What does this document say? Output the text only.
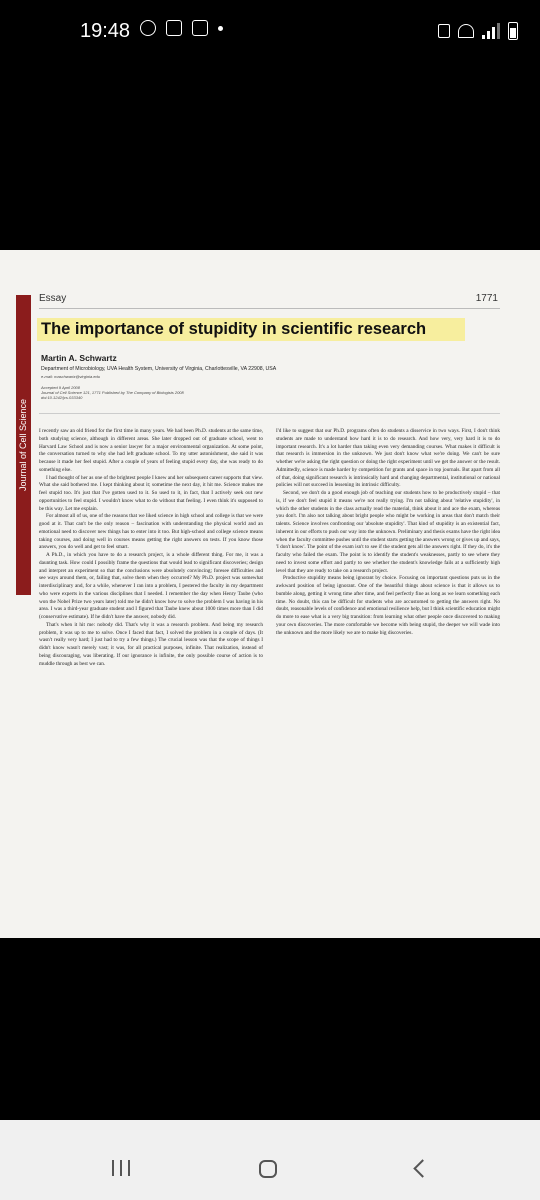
19:48
Journal of Cell Science
Essay	1771
The importance of stupidity in scientific research
Martin A. Schwartz
Department of Microbiology, UVA Health System, University of Virginia, Charlottesville, VA 22908, USA
e-mail: maschwartz@virginia.edu
Accepted 9 April 2008
Journal of Cell Science 121, 1771 Published by The Company of Biologists 2008
doi:10.1242/jcs.033340

I recently saw an old friend for the first time in many years. We had been Ph.D. students at the same time, both studying science, although in different areas. She later dropped out of graduate school, went to Harvard Law School and is now a senior lawyer for a major environmental organization. At some point, the conversation turned to why she had left graduate school. To my utter astonishment, she said it was because it made her feel stupid. After a couple of years of feeling stupid every day, she was ready to do something else.

I had thought of her as one of the brightest people I knew and her subsequent career supports that view. What she said bothered me. I kept thinking about it; sometime the next day, it hit me. Science makes me feel stupid too. It's just that I've gotten used to it. So used to it, in fact, that I actively seek out new opportunities to feel stupid. I wouldn't know what to do without that feeling. I even think it's supposed to be this way. Let me explain.

For almost all of us, one of the reasons that we liked science in high school and college is that we were good at it. That can't be the only reason – fascination with understanding the physical world and an emotional need to discover new things has to enter into it too. But high-school and college science means taking courses, and doing well in courses means getting the right answers on tests. If you know those answers, you do well and get to feel smart.

A Ph.D., in which you have to do a research project, is a whole different thing. For me, it was a daunting task. How could I possibly frame the questions that would lead to significant discoveries; design and interpret an experiment so that the conclusions were absolutely convincing; foresee difficulties and see ways around them, or, failing that, solve them when they occurred? My Ph.D. project was somewhat interdisciplinary and, for a while, whenever I ran into a problem, I pestered the faculty in my department who were experts in the various disciplines that I needed. I remember the day when Henry Taube (who won the Nobel Prize two years later) told me he didn't know how to solve the problem I was having in his area. I was a third-year graduate student and I figured that Taube knew about 1000 times more than I did (conservative estimate). If he didn't have the answer, nobody did.

That's when it hit me: nobody did. That's why it was a research problem. And being my research problem, it was up to me to solve. Once I faced that fact, I solved the problem in a couple of days. (It wasn't really very hard; I just had to try a few things.) The crucial lesson was that the scope of things I didn't know wasn't merely vast; it was, for all practical purposes, infinite. That realization, instead of being discouraging, was liberating. If our ignorance is infinite, the only possible course of action is to muddle through as best we can.

I'd like to suggest that our Ph.D. programs often do students a disservice in two ways. First, I don't think students are made to understand how hard it is to do research. And how very, very hard it is to do important research. It's a lot harder than taking even very demanding courses. What makes it difficult is that research is immersion in the unknown. We just don't know what we're doing. We can't be sure whether we're asking the right question or doing the right experiment until we get the answer or the result. Admittedly, science is made harder by competition for grants and space in top journals. But apart from all of that, doing significant research is intrinsically hard and changing departmental, institutional or national policies will not succeed in lessening its intrinsic difficulty.

Second, we don't do a good enough job of teaching our students how to be productively stupid – that is, if we don't feel stupid it means we're not really trying. I'm not talking about 'relative stupidity', in which the other students in the class actually read the material, think about it and ace the exam, whereas you don't. I'm also not talking about bright people who might be working in areas that don't match their talents. Science involves confronting our 'absolute stupidity'. That kind of stupidity is an existential fact, inherent in our efforts to push our way into the unknown. Preliminary and thesis exams have the right idea when the faculty committee pushes until the student starts getting the answers wrong or gives up and says, 'I don't know'. The point of the exam isn't to see if the student gets all the answers right. If they do, it's the faculty who failed the exam. The point is to identify the student's weaknesses, partly to see where they need to invest some effort and partly to see whether the student's knowledge fails at a sufficiently high level that they are ready to take on a research project.

Productive stupidity means being ignorant by choice. Focusing on important questions puts us in the awkward position of being ignorant. One of the beautiful things about science is that it allows us to bumble along, getting it wrong time after time, and feel perfectly fine as long as we learn something each time. No doubt, this can be difficult for students who are accustomed to getting the answers right. No doubt, reasonable levels of confidence and emotional resilience help, but I think scientific education might do more to ease what is a very big transition: from learning what other people once discovered to making your own discoveries. The more comfortable we become with being stupid, the deeper we will wade into the unknown and the more likely we are to make big discoveries.
